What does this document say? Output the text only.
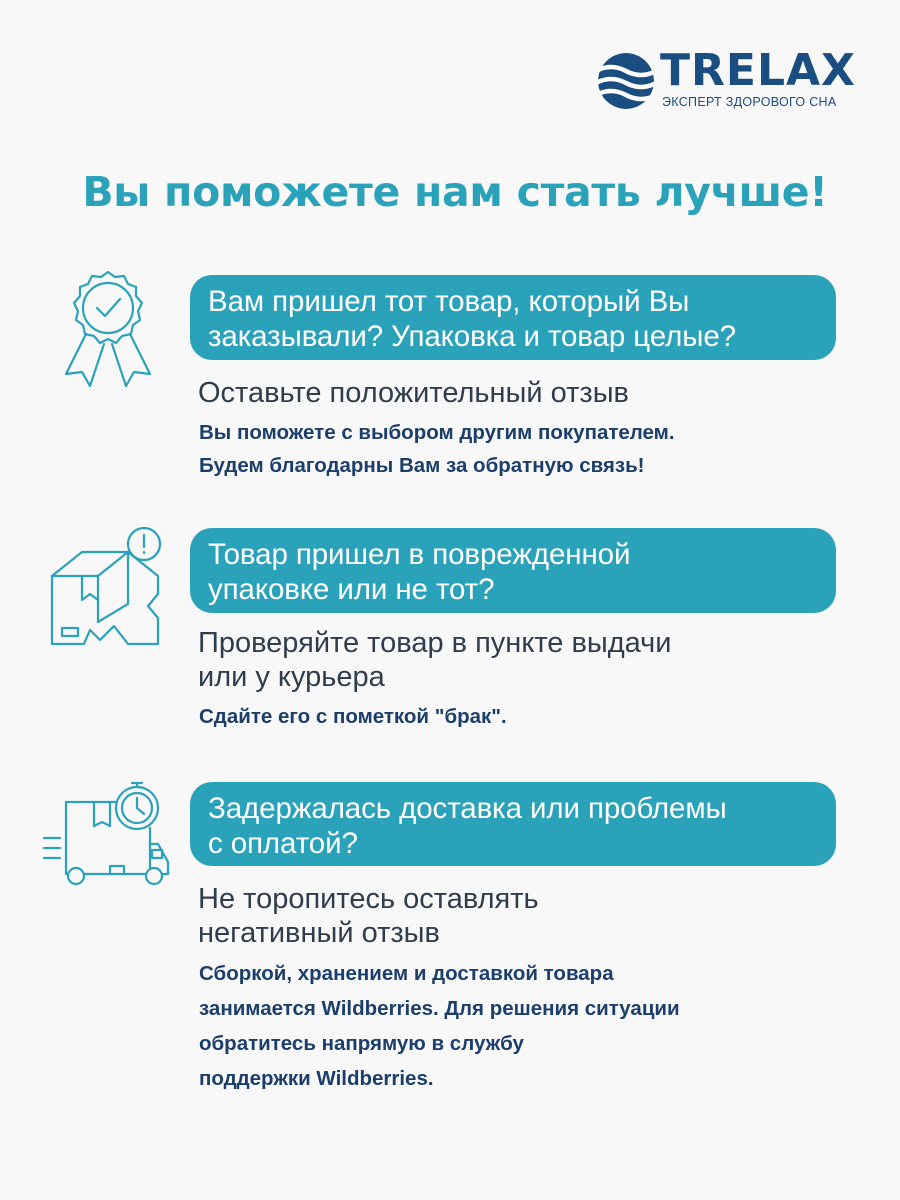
TRELAX
ЭКСПЕРТ ЗДОРОВОГО СНА
Вы поможете нам стать лучше!
Вам пришел тот товар, который Вы
заказывали? Упаковка и товар целые?
Оставьте положительный отзыв
Вы поможете с выбором другим покупателем.
Будем благодарны Вам за обратную связь!
Товар пришел в поврежденной
упаковке или не тот?
Проверяйте товар в пункте выдачи
или у курьера
Сдайте его с пометкой "брак".
Задержалась доставка или проблемы
с оплатой?
Не торопитесь оставлять
негативный отзыв
Сборкой, хранением и доставкой товара
занимается Wildberries. Для решения ситуации
обратитесь напрямую в службу
поддержки Wildberries.
